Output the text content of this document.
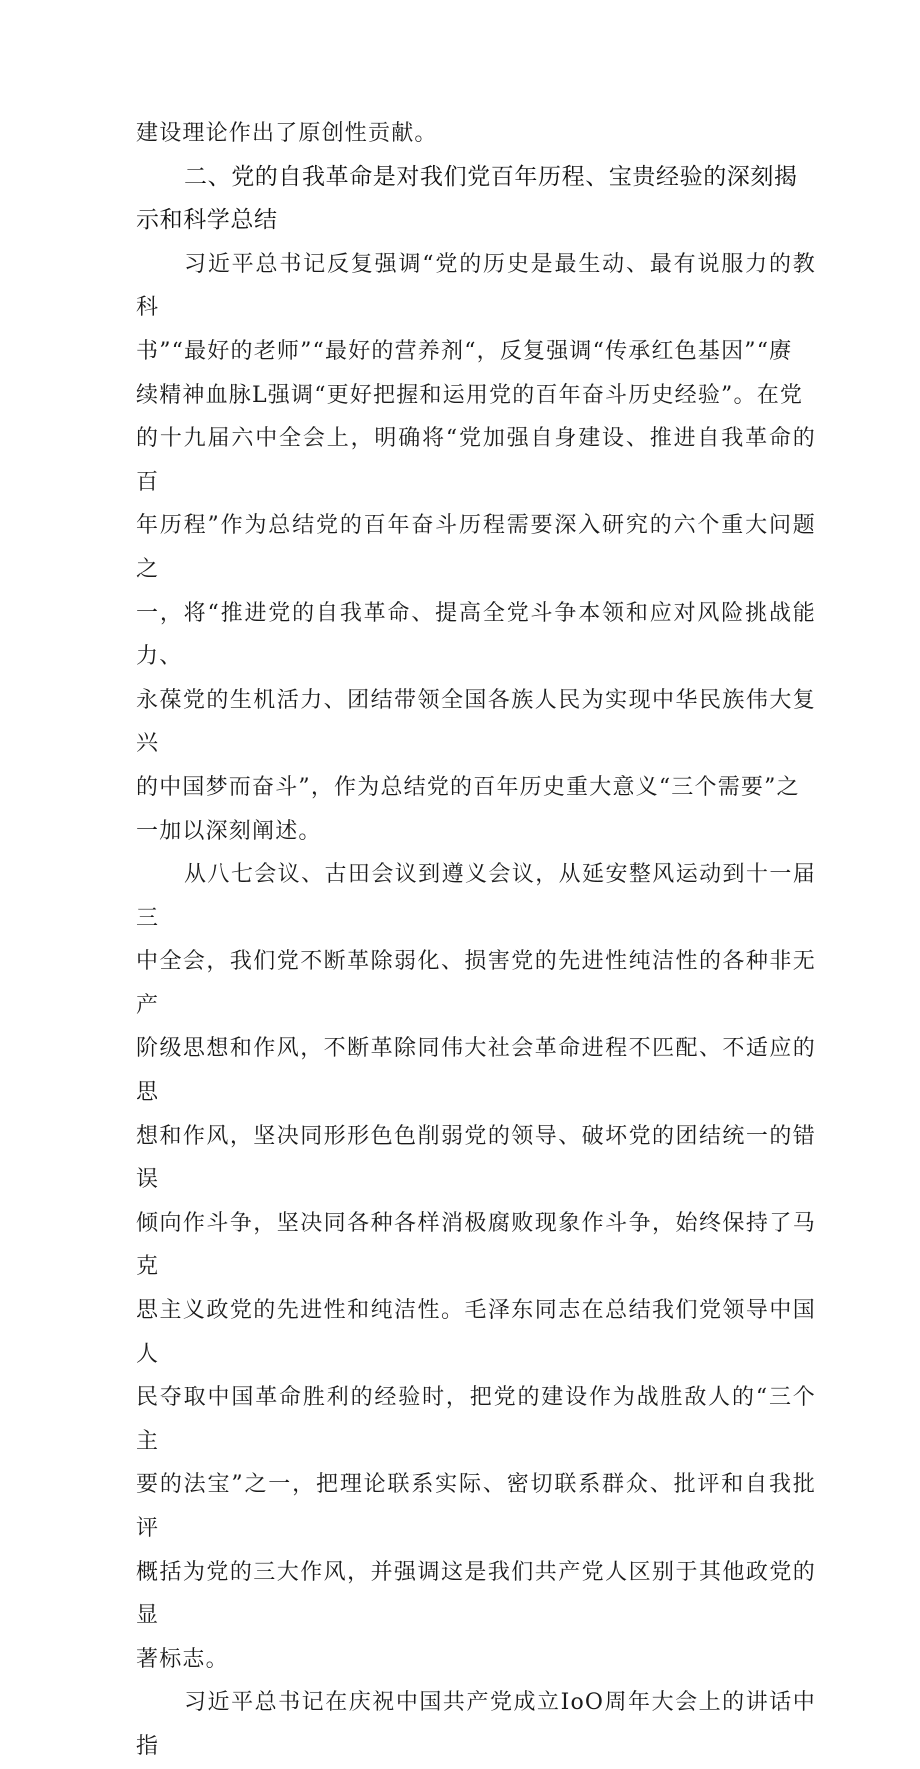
建设理论作出了原创性贡献。

二、党的自我革命是对我们党百年历程、宝贵经验的深刻揭
示和科学总结

习近平总书记反复强调“党的历史是最生动、最有说服力的教科
书”“最好的老师”“最好的营养剂“，反复强调“传承红色基因”“赓
续精神血脉L强调“更好把握和运用党的百年奋斗历史经验”。在党
的十九届六中全会上，明确将“党加强自身建设、推进自我革命的百
年历程”作为总结党的百年奋斗历程需要深入研究的六个重大问题之
一，将“推进党的自我革命、提高全党斗争本领和应对风险挑战能力、
永葆党的生机活力、团结带领全国各族人民为实现中华民族伟大复兴
的中国梦而奋斗”，作为总结党的百年历史重大意义“三个需要”之
一加以深刻阐述。

从八七会议、古田会议到遵义会议，从延安整风运动到十一届三
中全会，我们党不断革除弱化、损害党的先进性纯洁性的各种非无产
阶级思想和作风，不断革除同伟大社会革命进程不匹配、不适应的思
想和作风，坚决同形形色色削弱党的领导、破坏党的团结统一的错误
倾向作斗争，坚决同各种各样消极腐败现象作斗争，始终保持了马克
思主义政党的先进性和纯洁性。毛泽东同志在总结我们党领导中国人
民夺取中国革命胜利的经验时，把党的建设作为战胜敌人的“三个主
要的法宝”之一，把理论联系实际、密切联系群众、批评和自我批评
概括为党的三大作风，并强调这是我们共产党人区别于其他政党的显
著标志。

习近平总书记在庆祝中国共产党成立IoO周年大会上的讲话中指
